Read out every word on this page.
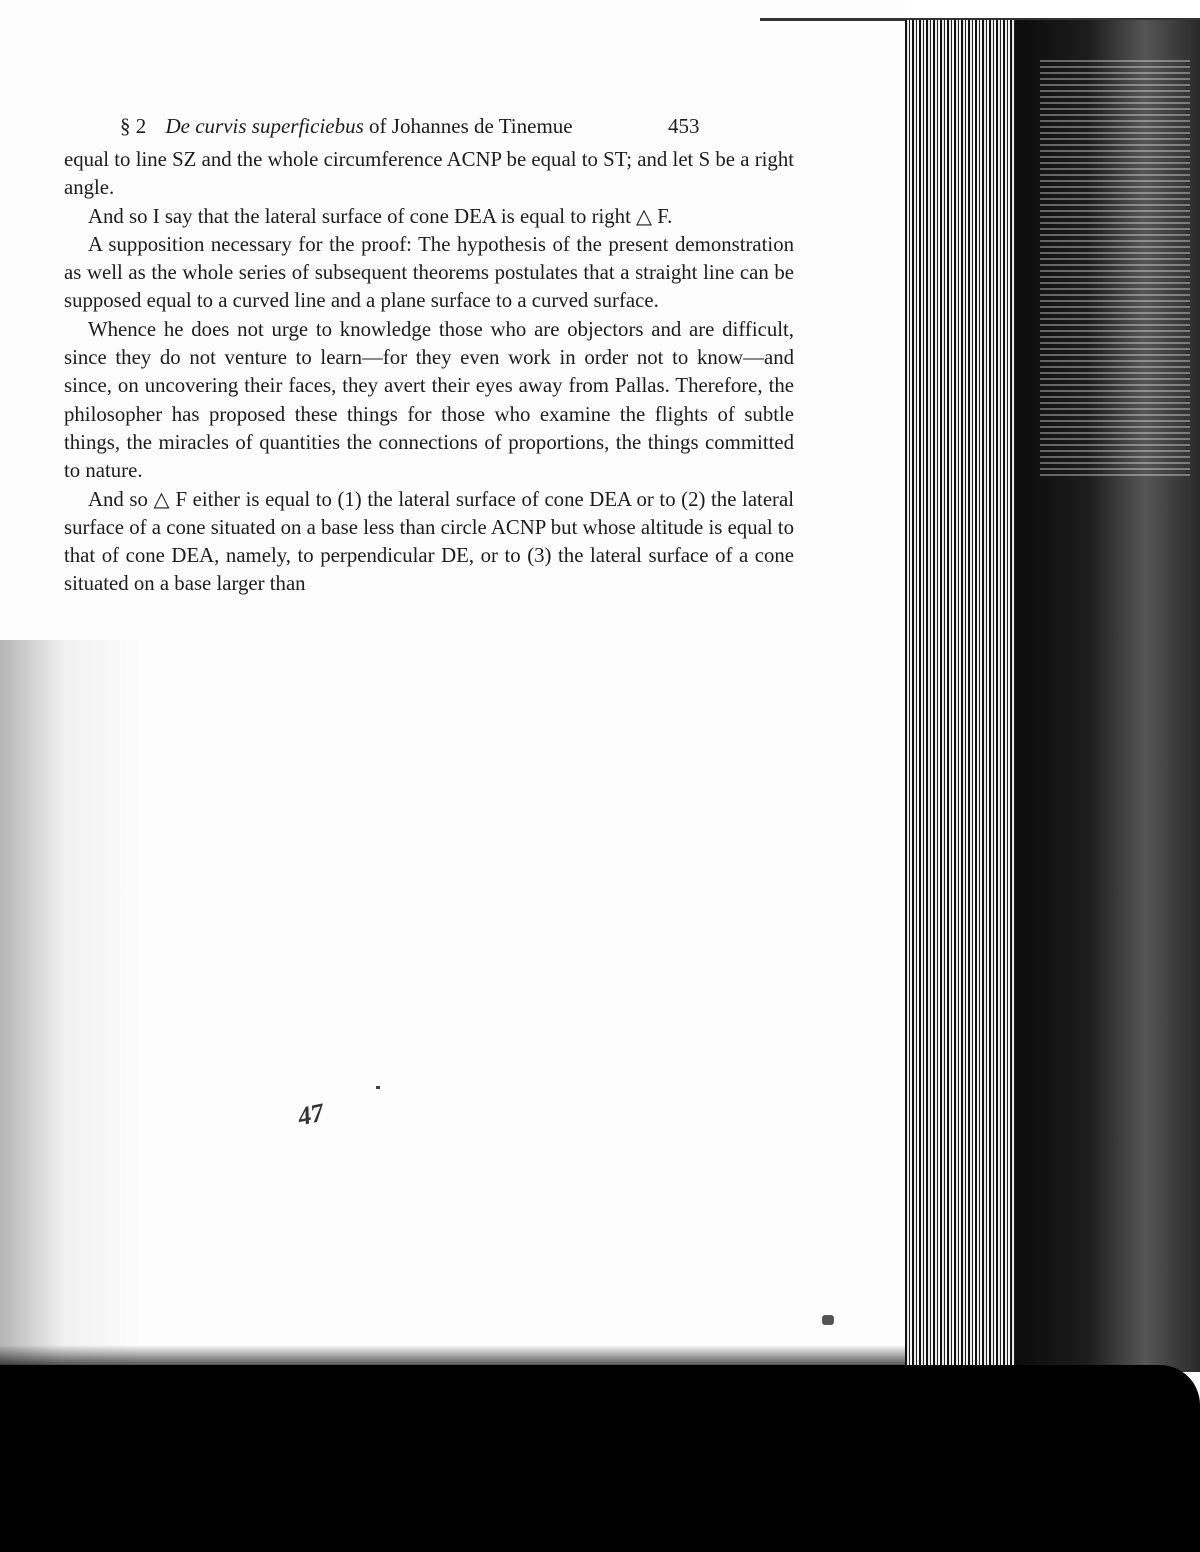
§ 2 De curvis superficiebus of Johannes de Tinemue	453

equal to line SZ and the whole circumference ACNP be equal to ST; and let S be a right angle.

And so I say that the lateral surface of cone DEA is equal to right △ F.

A supposition necessary for the proof: The hypothesis of the present demonstration as well as the whole series of subsequent theorems postulates that a straight line can be supposed equal to a curved line and a plane surface to a curved surface.

Whence he does not urge to knowledge those who are objectors and are difficult, since they do not venture to learn—for they even work in order not to know—and since, on uncovering their faces, they avert their eyes away from Pallas. Therefore, the philosopher has proposed these things for those who examine the flights of subtle things, the miracles of quantities the connections of proportions, the things committed to nature.

And so △ F either is equal to (1) the lateral surface of cone DEA or to (2) the lateral surface of a cone situated on a base less than circle ACNP but whose altitude is equal to that of cone DEA, namely, to perpendicular DE, or to (3) the lateral surface of a cone situated on a base larger than

47
